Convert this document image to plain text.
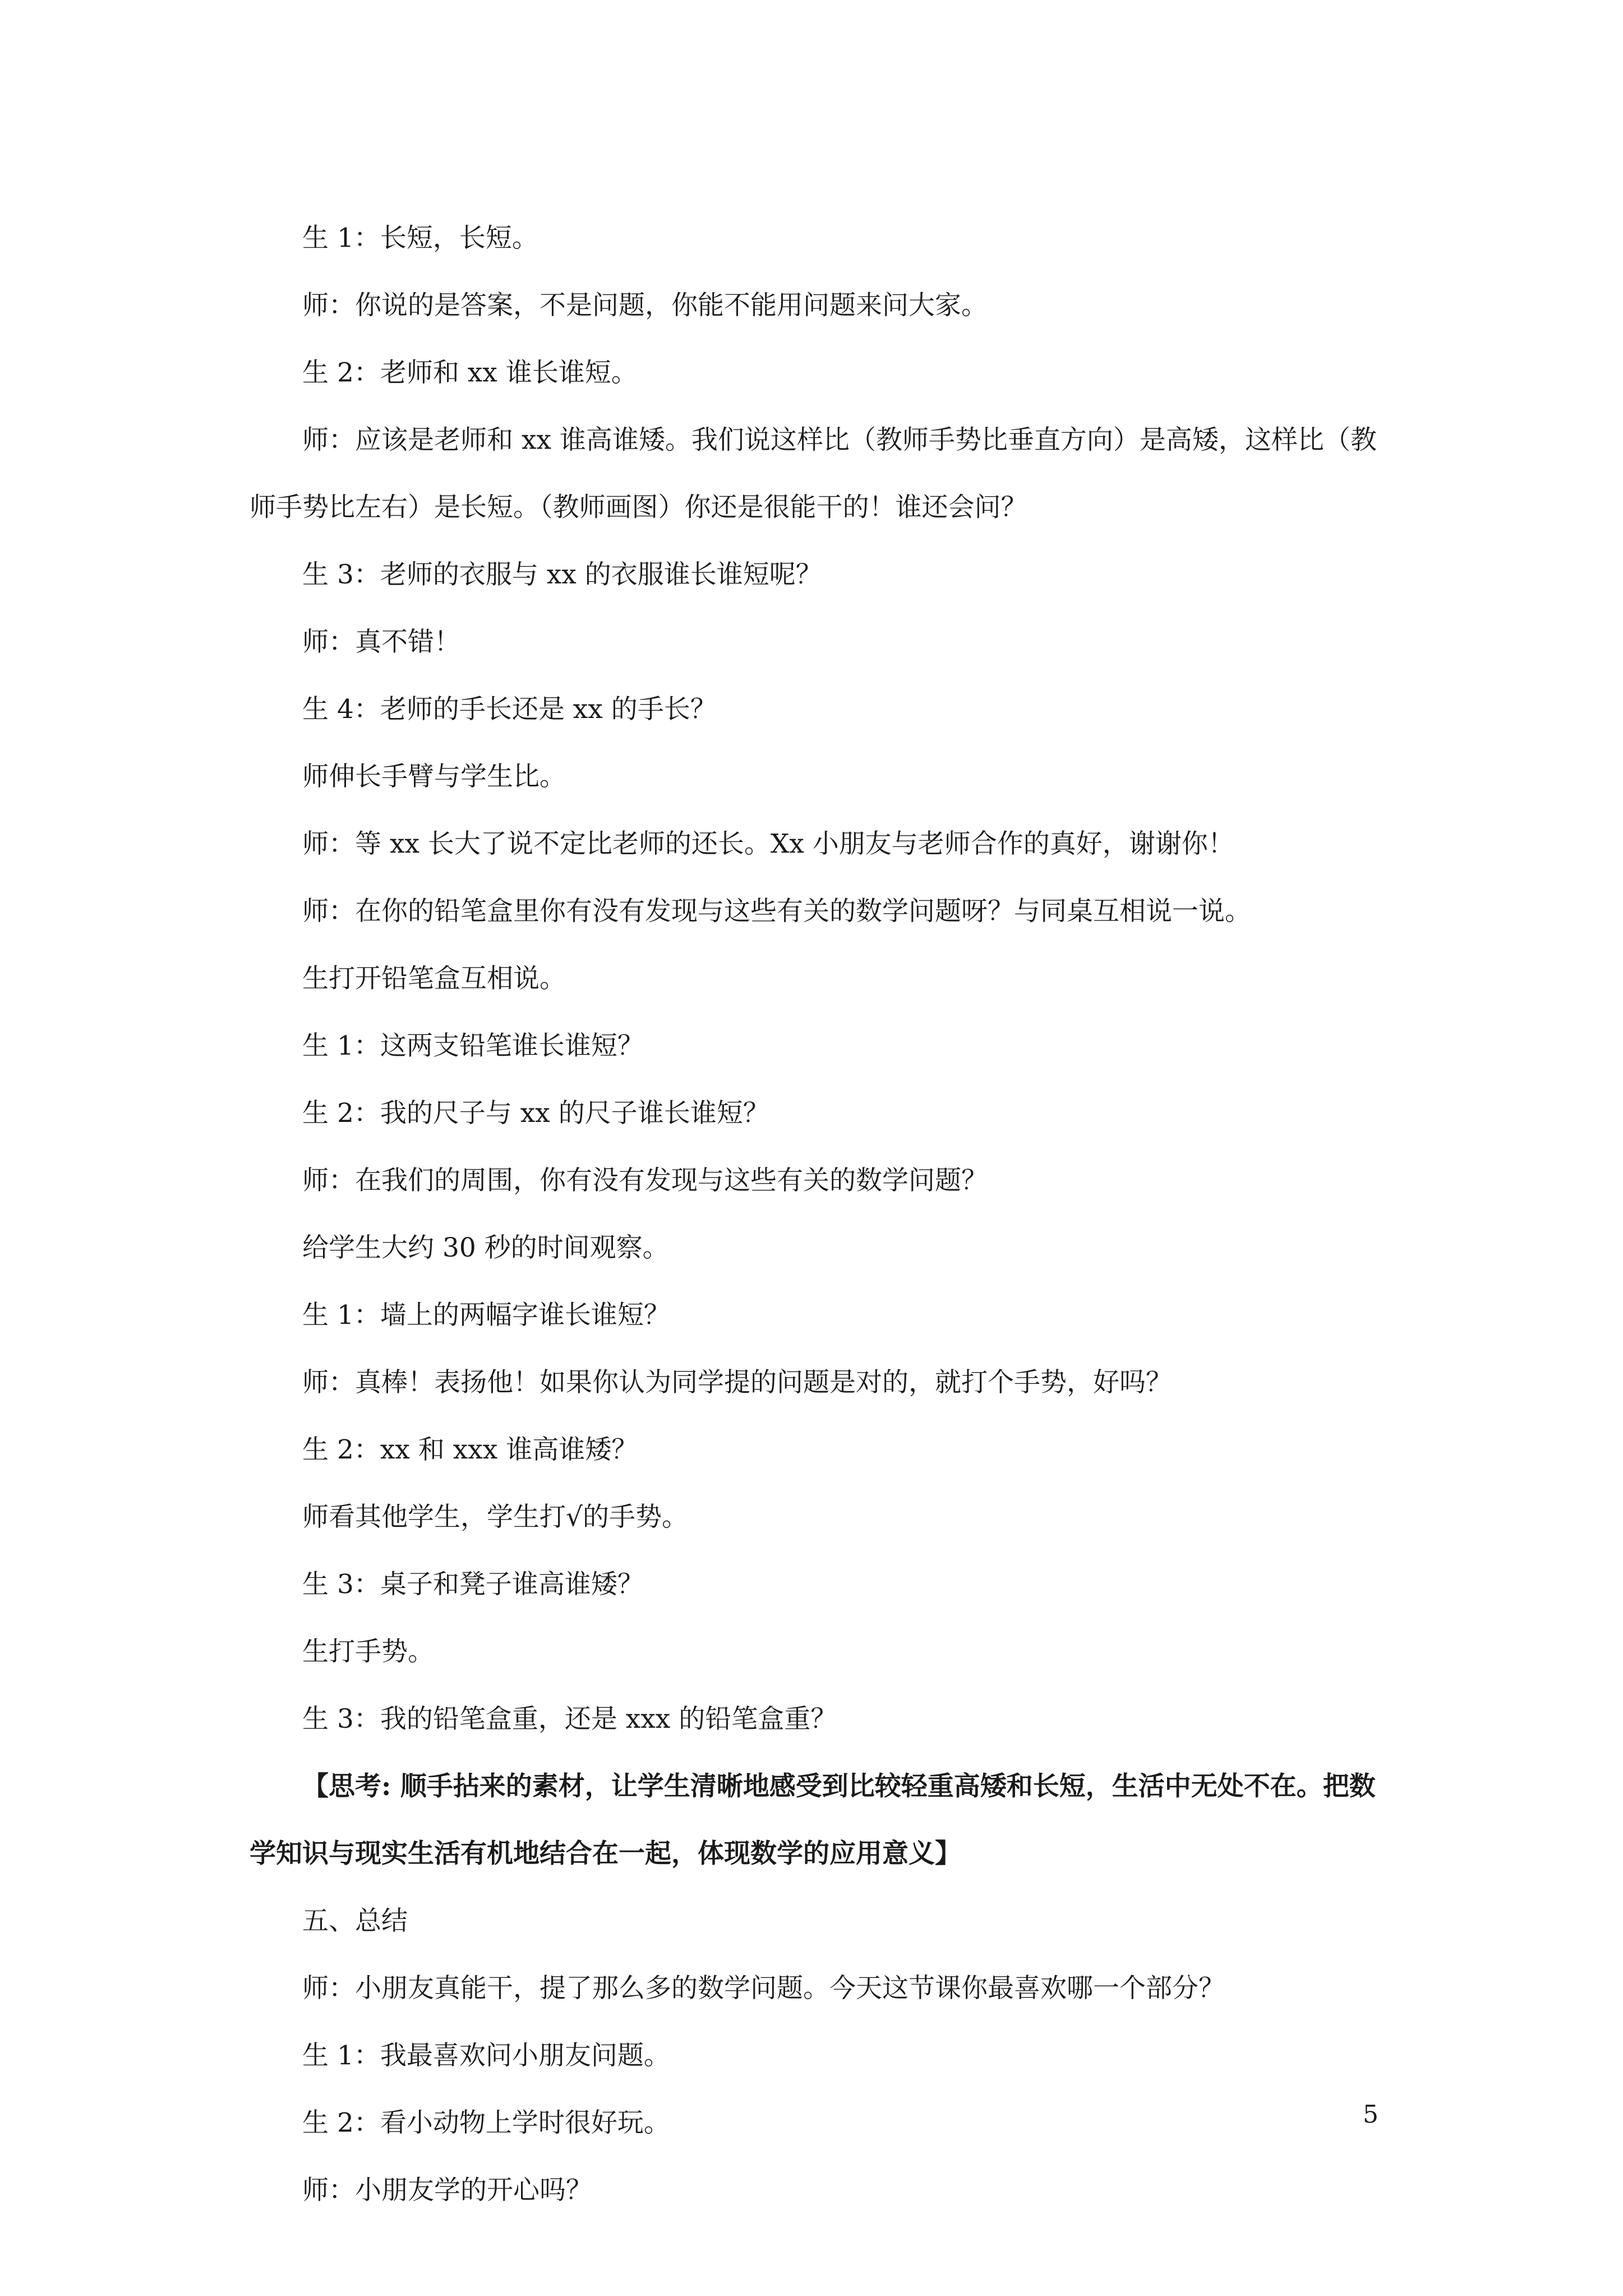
生 1：长短，长短。

师：你说的是答案，不是问题，你能不能用问题来问大家。

生 2：老师和 xx 谁长谁短。

师：应该是老师和 xx 谁高谁矮。我们说这样比（教师手势比垂直方向）是高矮，这样比（教师手势比左右）是长短。（教师画图）你还是很能干的！谁还会问？

生 3：老师的衣服与 xx 的衣服谁长谁短呢？

师：真不错！

生 4：老师的手长还是 xx 的手长？

师伸长手臂与学生比。

师：等 xx 长大了说不定比老师的还长。Xx 小朋友与老师合作的真好，谢谢你！

师：在你的铅笔盒里你有没有发现与这些有关的数学问题呀？与同桌互相说一说。

生打开铅笔盒互相说。

生 1：这两支铅笔谁长谁短？

生 2：我的尺子与 xx 的尺子谁长谁短？

师：在我们的周围，你有没有发现与这些有关的数学问题？

给学生大约 30 秒的时间观察。

生 1：墙上的两幅字谁长谁短？

师：真棒！表扬他！如果你认为同学提的问题是对的，就打个手势，好吗？

生 2：xx 和 xxx 谁高谁矮？

师看其他学生，学生打√的手势。

生 3：桌子和凳子谁高谁矮？

生打手势。

生 3：我的铅笔盒重，还是 xxx 的铅笔盒重？

【思考: 顺手拈来的素材，让学生清晰地感受到比较轻重高矮和长短，生活中无处不在。把数学知识与现实生活有机地结合在一起，体现数学的应用意义】

五、总结

师：小朋友真能干，提了那么多的数学问题。今天这节课你最喜欢哪一个部分？

生 1：我最喜欢问小朋友问题。

生 2：看小动物上学时很好玩。

师：小朋友学的开心吗？

5
